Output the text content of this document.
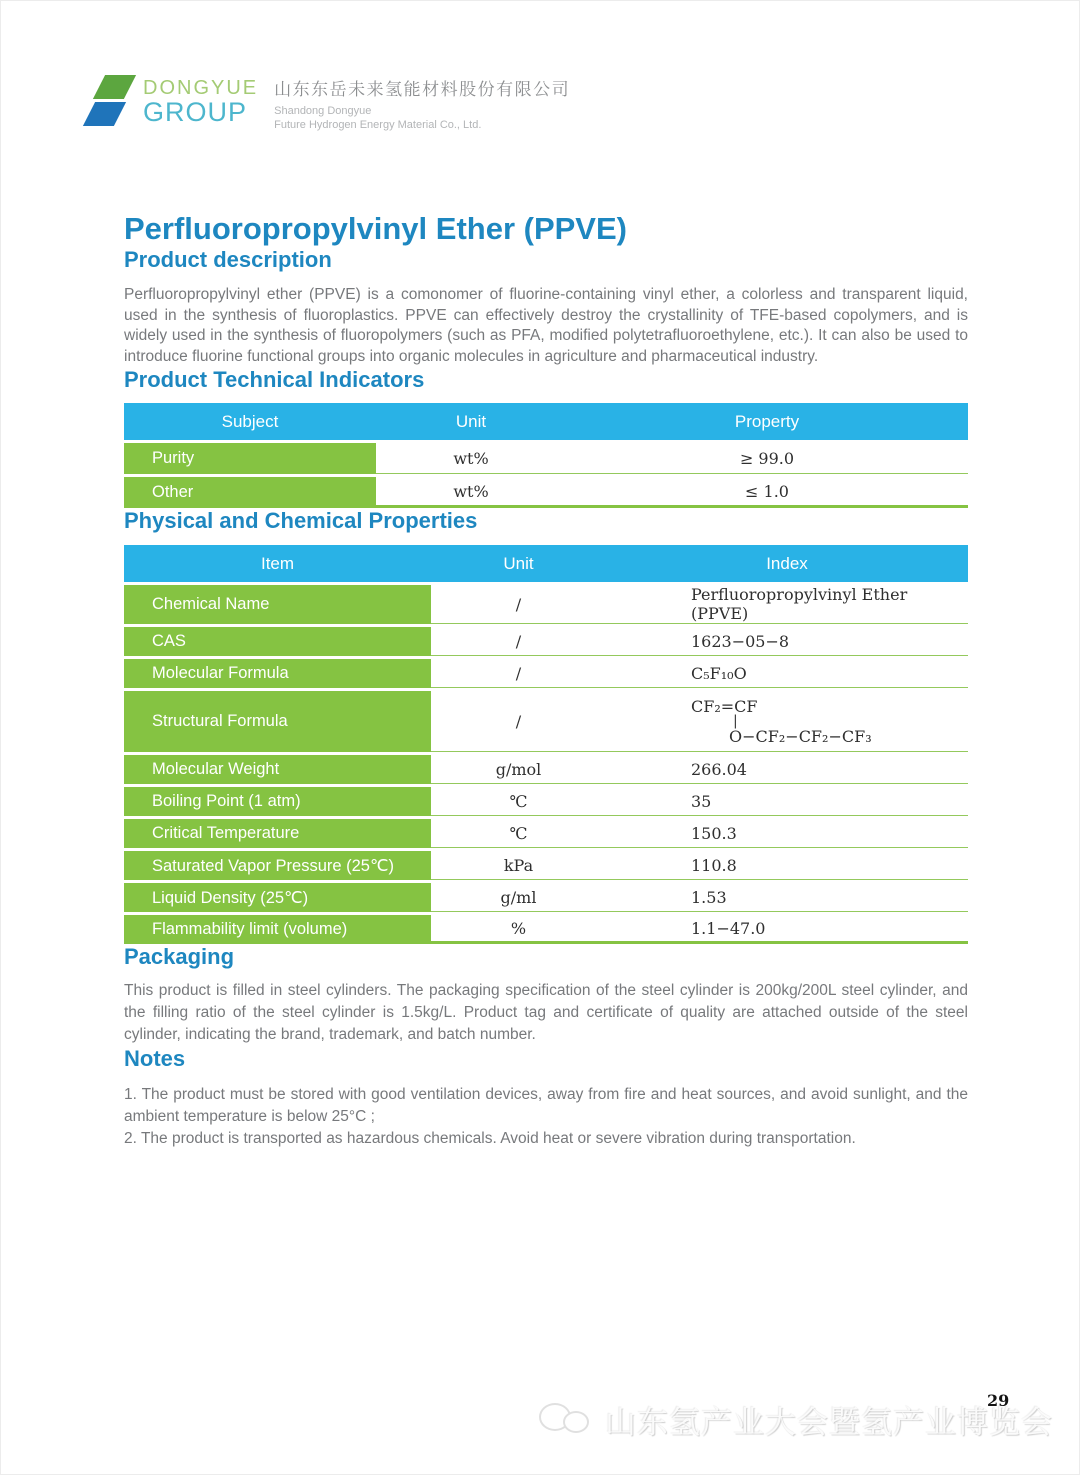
DONGYUE
GROUP
山东东岳未来氢能材料股份有限公司
Shandong Dongyue
Future Hydrogen Energy Material Co., Ltd.
Perfluoropropylvinyl Ether (PPVE)
Product description

Perfluoropropylvinyl ether (PPVE) is a comonomer of fluorine-containing vinyl ether, a colorless and transparent liquid, used in the synthesis of fluoroplastics. PPVE can effectively destroy the crystallinity of TFE-based copolymers, and is widely used in the synthesis of fluoropolymers (such as PFA, modified polytetrafluoroethylene, etc.). It can also be used to introduce fluorine functional groups into organic molecules in agriculture and pharmaceutical industry.

Product Technical Indicators
Subject	Unit	Property
Purity	wt%	≥ 99.0
Other	wt%	≤ 1.0
Physical and Chemical Properties
Item	Unit	Index
Chemical Name	/	Perfluoropropylvinyl Ether (PPVE)
CAS	/	1623−05−8
Molecular Formula	/	C₅F₁₀O
Structural Formula	/
CF₂=CF
|
O−CF₂−CF₂−CF₃
Molecular Weight	g/mol	266.04
Boiling Point (1 atm)	℃	35
Critical Temperature	℃	150.3
Saturated Vapor Pressure (25℃)	kPa	110.8
Liquid Density (25℃)	g/ml	1.53
Flammability limit (volume)	%	1.1−47.0
Packaging

This product is filled in steel cylinders. The packaging specification of the steel cylinder is 200kg/200L steel cylinder, and the filling ratio of the steel cylinder is 1.5kg/L. Product tag and certificate of quality are attached outside of the steel cylinder, indicating the brand, trademark, and batch number.

Notes

1. The product must be stored with good ventilation devices, away from fire and heat sources, and avoid sunlight, and the ambient temperature is below 25°C ;

2. The product is transported as hazardous chemicals. Avoid heat or severe vibration during transportation.

山东氢产业大会暨氢产业博览会
29
